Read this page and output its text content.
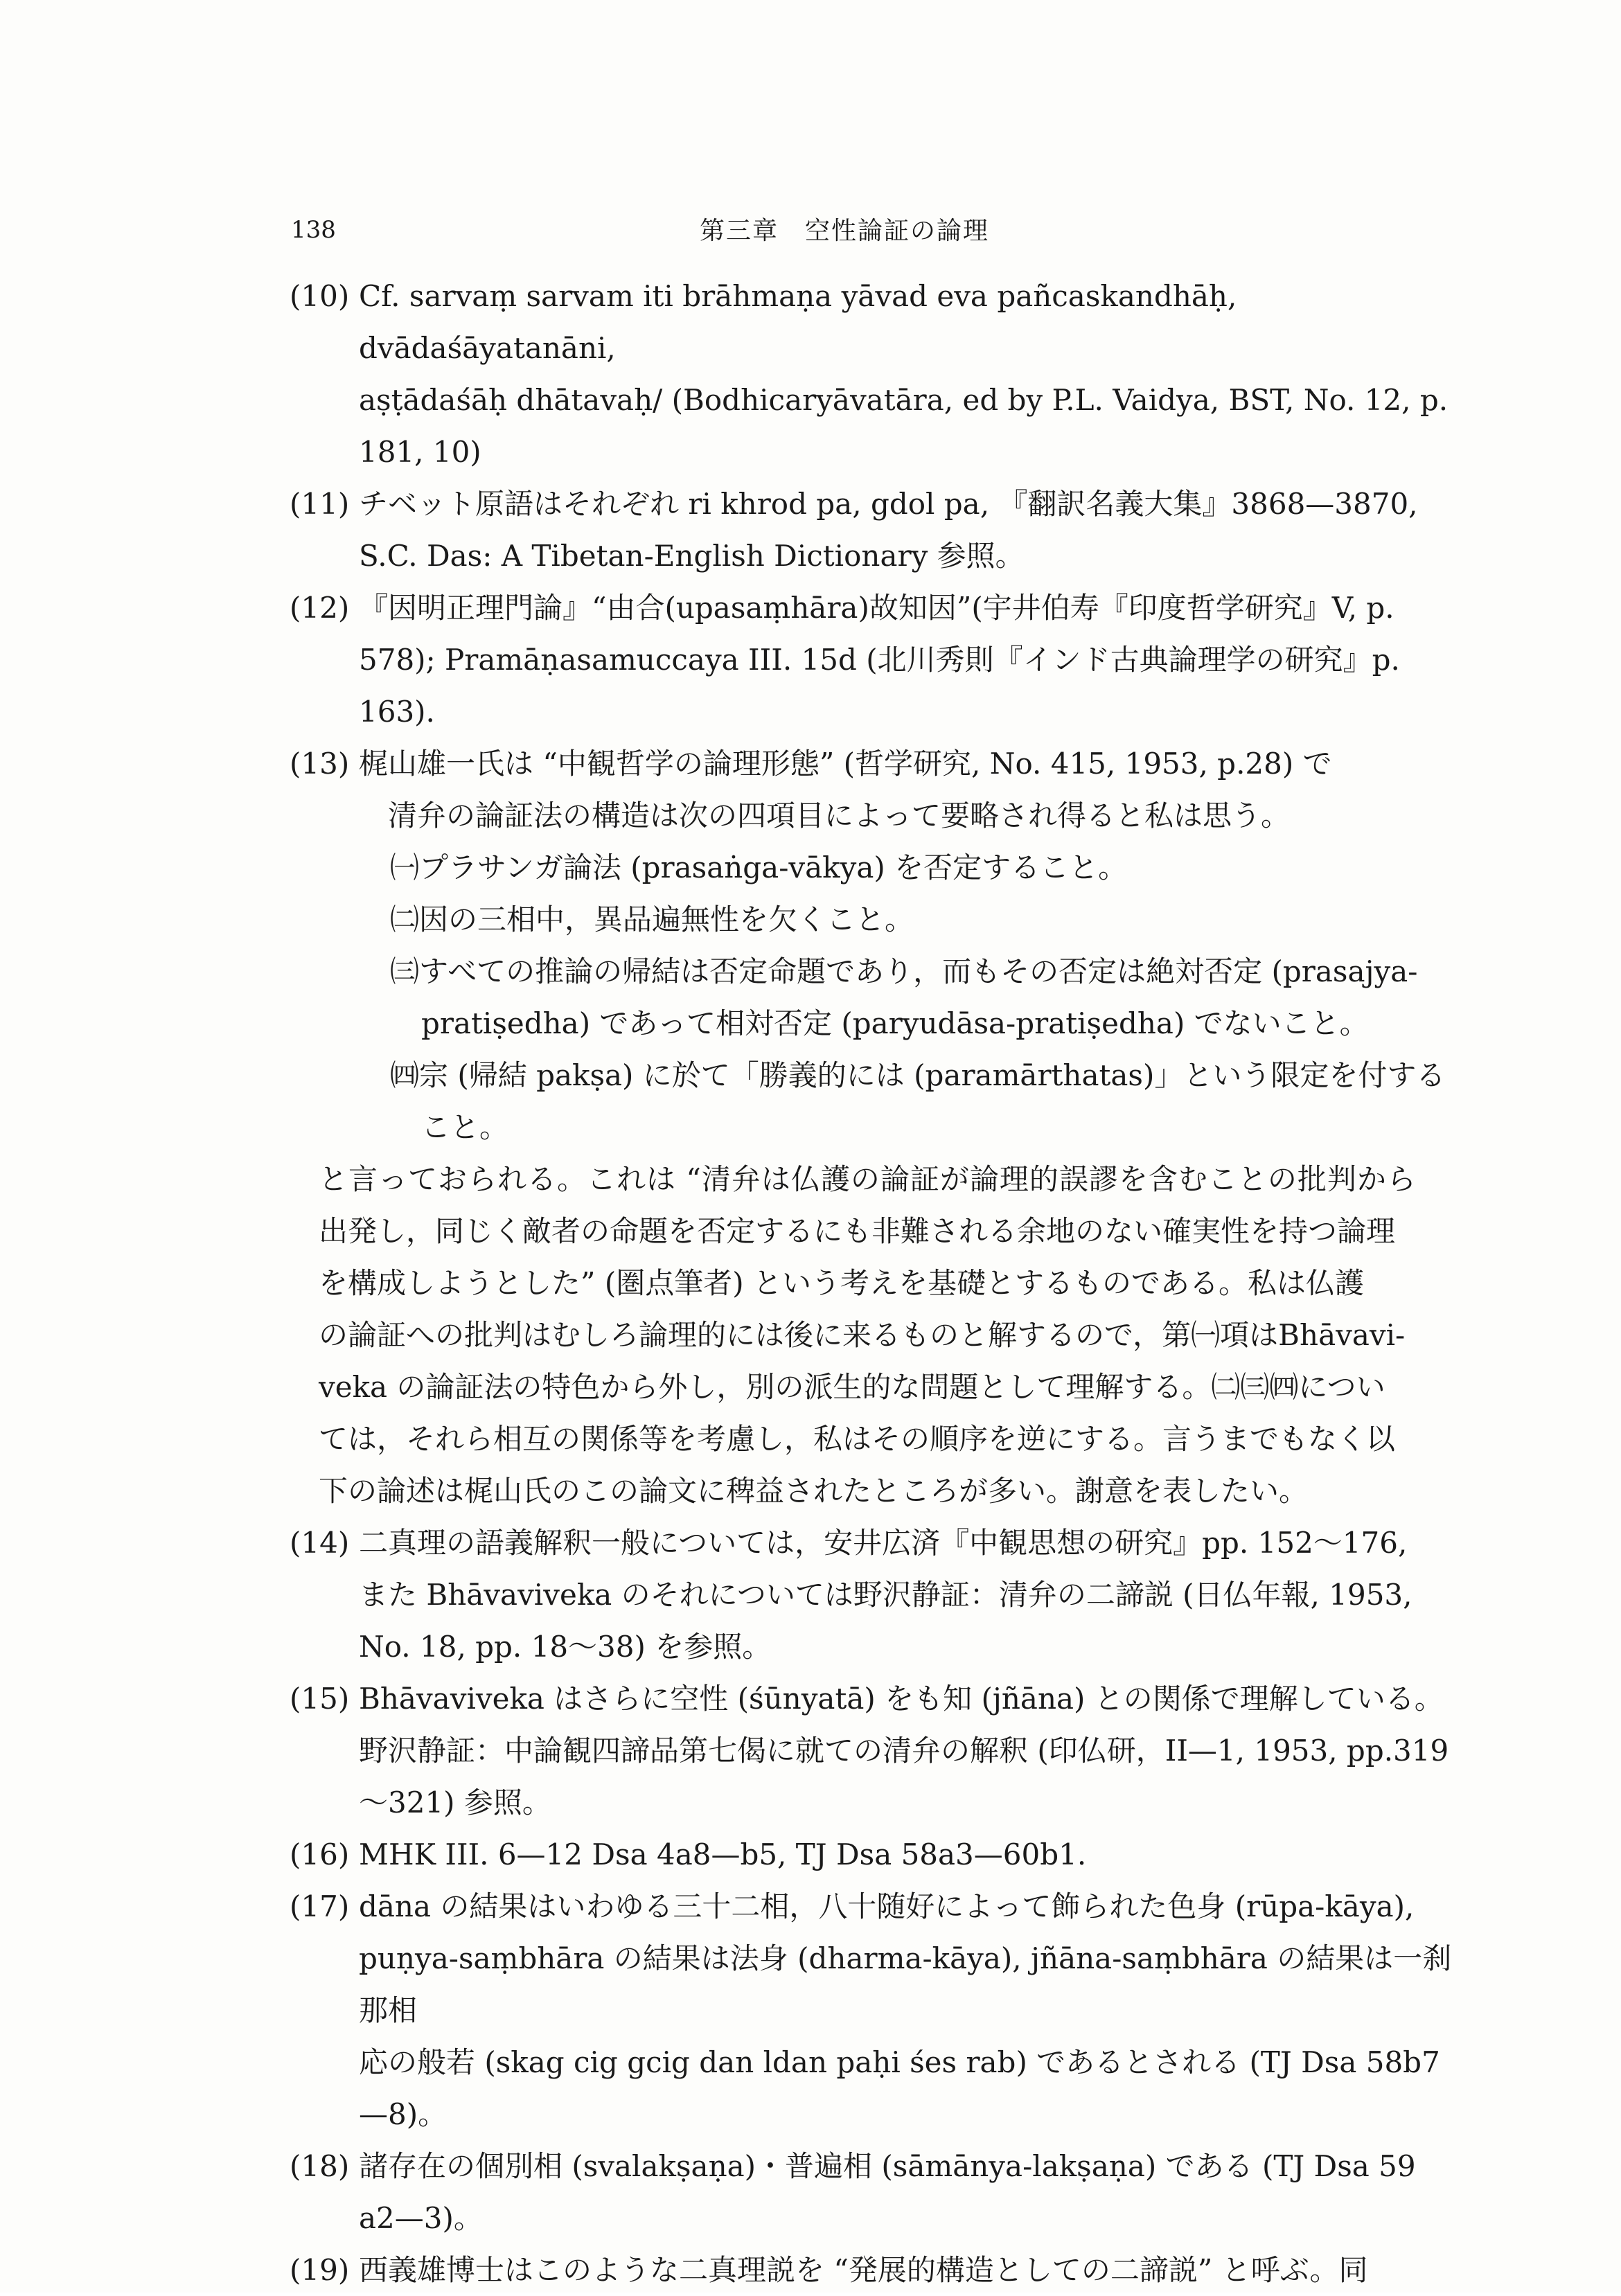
138	第三章　空性論証の論理
(10) Cf. sarvaṃ sarvam iti brāhmaṇa yāvad eva pañcaskandhāḥ, dvādaśāyatanāni,
aṣṭādaśāḥ dhātavaḥ/ (Bodhicaryāvatāra, ed by P.L. Vaidya, BST, No. 12, p.
181, 10)
(11) チベット原語はそれぞれ ri khrod pa, gdol pa, 『翻訳名義大集』3868—3870,
S.C. Das: A Tibetan-English Dictionary 参照。
(12) 『因明正理門論』“由合(upasaṃhāra)故知因”(宇井伯寿『印度哲学研究』V, p.
578); Pramāṇasamuccaya III. 15d (北川秀則『インド古典論理学の研究』p. 163).
(13) 梶山雄一氏は “中観哲学の論理形態” (哲学研究, No. 415, 1953, p.28) で
清弁の論証法の構造は次の四項目によって要略され得ると私は思う。
㈠プラサンガ論法 (prasaṅga-vākya) を否定すること。
㈡因の三相中，異品遍無性を欠くこと。
㈢すべての推論の帰結は否定命題であり，而もその否定は絶対否定 (prasajya-
pratiṣedha) であって相対否定 (paryudāsa-pratiṣedha) でないこと。
㈣宗 (帰結 pakṣa) に於て「勝義的には (paramārthatas)」という限定を付する
こと。
と言っておられる。これは “清弁は仏護の論証が論理的誤謬を含むことの批判から
出発し，同じく敵者の命題を否定するにも非難される余地のない確実性を持つ論理
を構成しようとした” (圏点筆者) という考えを基礎とするものである。私は仏護
の論証への批判はむしろ論理的には後に来るものと解するので，第㈠項はBhāvavi-
veka の論証法の特色から外し，別の派生的な問題として理解する。㈡㈢㈣につい
ては，それら相互の関係等を考慮し，私はその順序を逆にする。言うまでもなく以
下の論述は梶山氏のこの論文に稗益されたところが多い。謝意を表したい。
(14) 二真理の語義解釈一般については，安井広済『中観思想の研究』pp. 152〜176,
また Bhāvaviveka のそれについては野沢静証：清弁の二諦説 (日仏年報, 1953,
No. 18, pp. 18〜38) を参照。
(15) Bhāvaviveka はさらに空性 (śūnyatā) をも知 (jñāna) との関係で理解している。
野沢静証：中論観四諦品第七偈に就ての清弁の解釈 (印仏研，II—1, 1953, pp.319
〜321) 参照。
(16) MHK III. 6—12 Dsa 4a8—b5, TJ Dsa 58a3—60b1.
(17) dāna の結果はいわゆる三十二相，八十随好によって飾られた色身 (rūpa-kāya),
puṇya-saṃbhāra の結果は法身 (dharma-kāya), jñāna-saṃbhāra の結果は一刹那相
応の般若 (skag cig gcig dan ldan paḥi śes rab) であるとされる (TJ Dsa 58b7
—8)。
(18) 諸存在の個別相 (svalakṣaṇa)・普遍相 (sāmānya-lakṣaṇa) である (TJ Dsa 59
a2—3)。
(19) 西義雄博士はこのような二真理説を “発展的構造としての二諦説” と呼ぶ。同
